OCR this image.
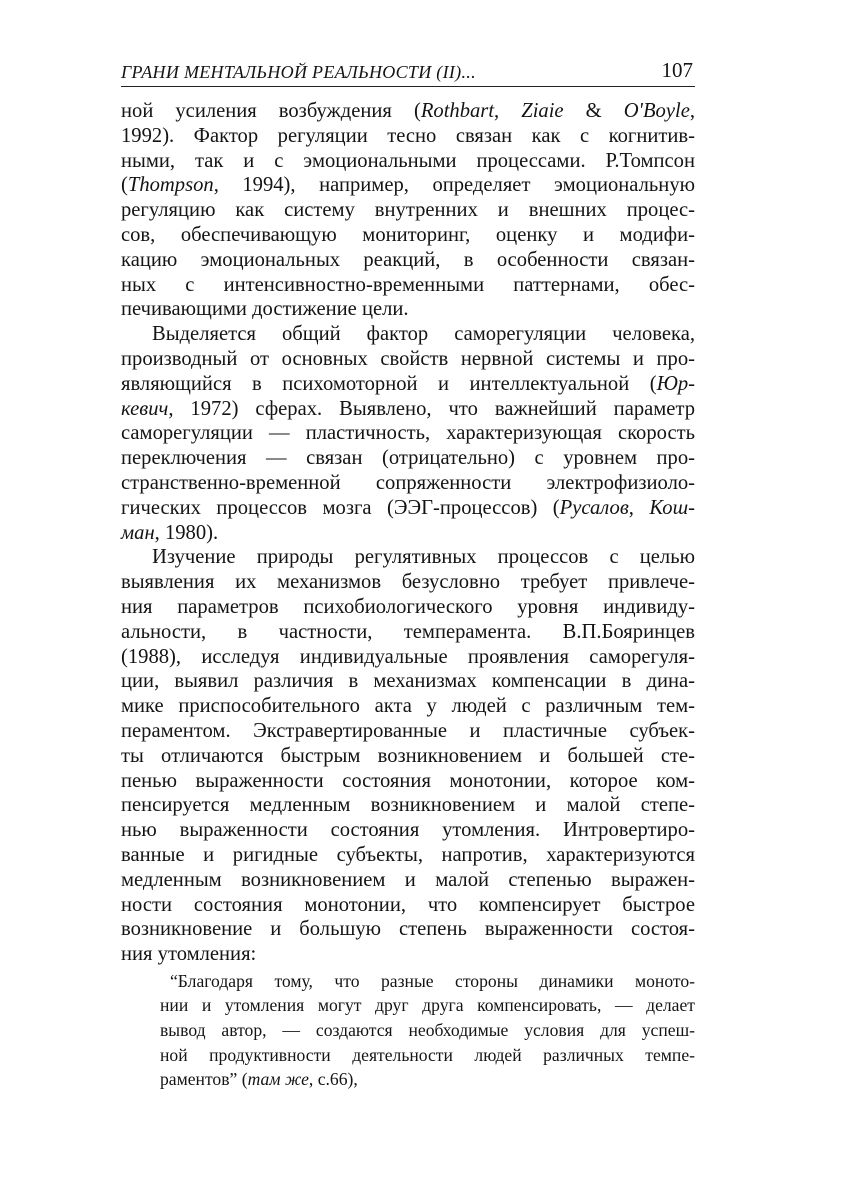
ГРАНИ МЕНТАЛЬНОЙ РЕАЛЬНОСТИ (II)...	107
ной усиления возбуждения (Rothbart, Ziaie & O'Boyle,
1992). Фактор регуляции тесно связан как с когнитив-
ными, так и с эмоциональными процессами. Р.Томпсон
(Thompson, 1994), например, определяет эмоциональную
регуляцию как систему внутренних и внешних процес-
сов, обеспечивающую мониторинг, оценку и модифи-
кацию эмоциональных реакций, в особенности связан-
ных с интенсивностно-временными паттернами, обес-
печивающими достижение цели.
Выделяется общий фактор саморегуляции человека,
производный от основных свойств нервной системы и про-
являющийся в психомоторной и интеллектуальной (Юр-
кевич, 1972) сферах. Выявлено, что важнейший параметр
саморегуляции — пластичность, характеризующая скорость
переключения — связан (отрицательно) с уровнем про-
странственно-временной сопряженности электрофизиоло-
гических процессов мозга (ЭЭГ-процессов) (Русалов, Кош-
ман, 1980).
Изучение природы регулятивных процессов с целью
выявления их механизмов безусловно требует привлече-
ния параметров психобиологического уровня индивиду-
альности, в частности, темперамента. В.П.Бояринцев
(1988), исследуя индивидуальные проявления саморегуля-
ции, выявил различия в механизмах компенсации в дина-
мике приспособительного акта у людей с различным тем-
пераментом. Экстравертированные и пластичные субъек-
ты отличаются быстрым возникновением и большей сте-
пенью выраженности состояния монотонии, которое ком-
пенсируется медленным возникновением и малой степе-
нью выраженности состояния утомления. Интровертиро-
ванные и ригидные субъекты, напротив, характеризуются
медленным возникновением и малой степенью выражен-
ности состояния монотонии, что компенсирует быстрое
возникновение и большую степень выраженности состоя-
ния утомления:
“Благодаря тому, что разные стороны динамики моното-
нии и утомления могут друг друга компенсировать, — делает
вывод автор, — создаются необходимые условия для успеш-
ной продуктивности деятельности людей различных темпе-
раментов” (там же, с.66),
